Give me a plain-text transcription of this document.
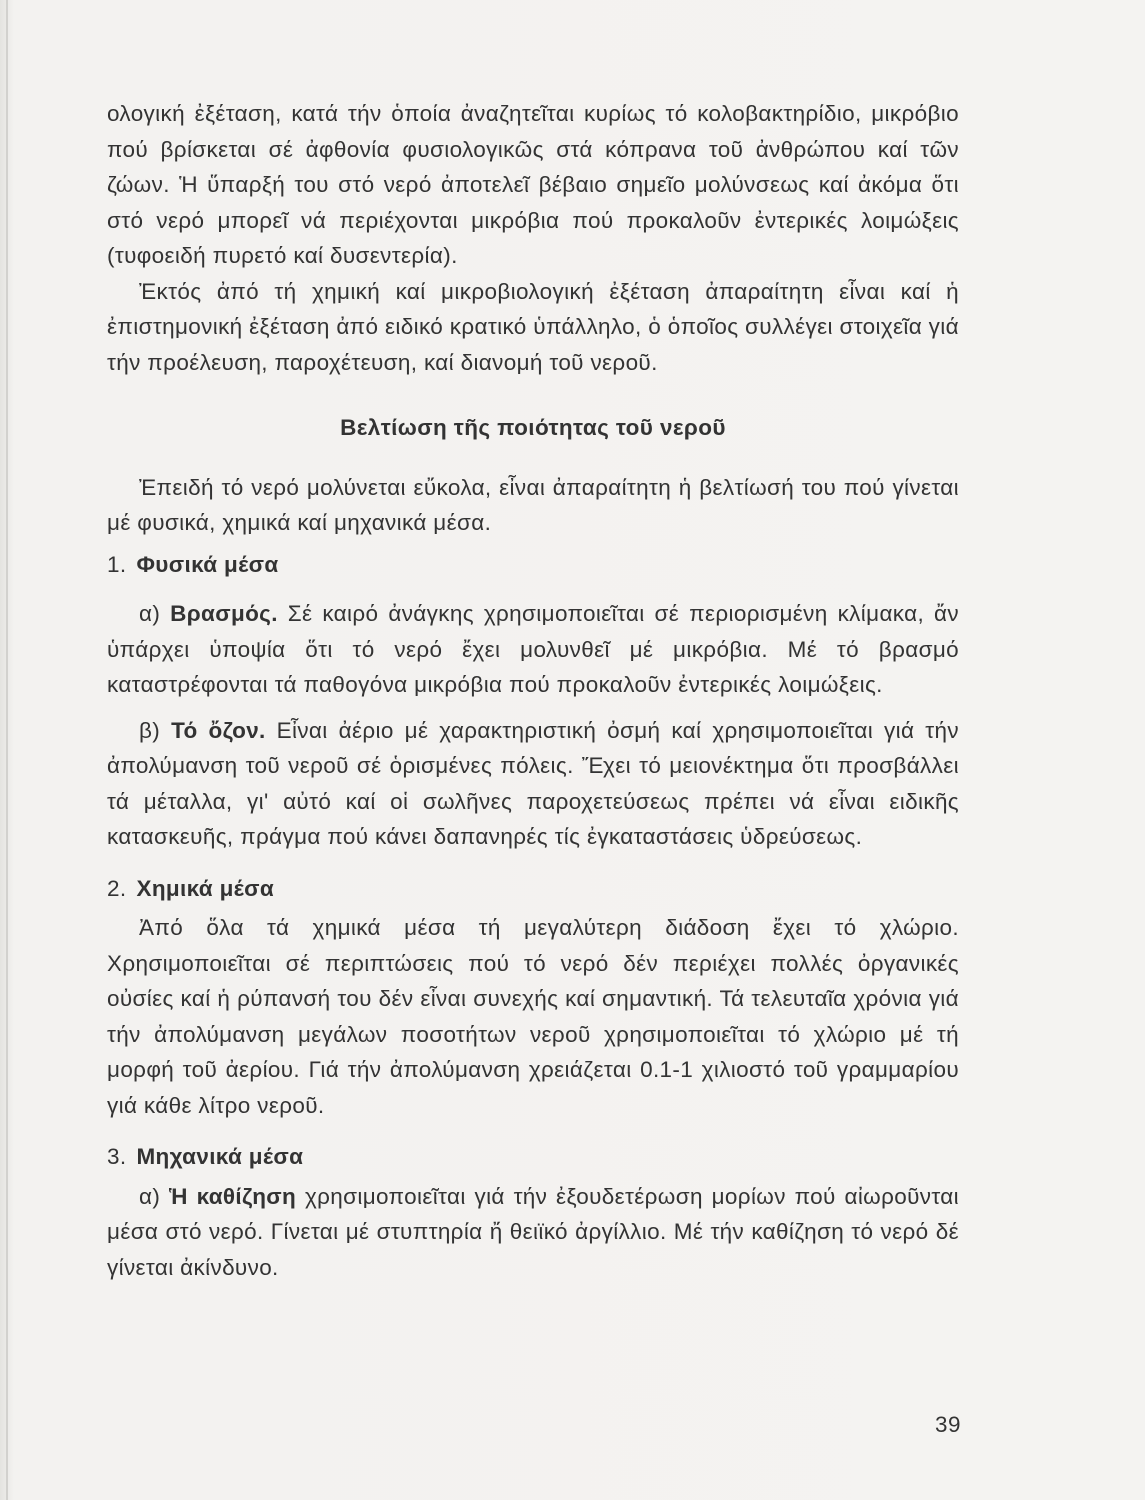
ολογική ἐξέταση, κατά τήν ὁποία ἀναζητεῖται κυρίως τό κολοβακτηρίδιο, μικρόβιο πού βρίσκεται σέ ἀφθονία φυσιολογικῶς στά κόπρανα τοῦ ἀνθρώπου καί τῶν ζώων. Ἡ ὕπαρξή του στό νερό ἀποτελεῖ βέβαιο σημεῖο μολύνσεως καί ἀκόμα ὅτι στό νερό μπορεῖ νά περιέχονται μικρόβια πού προκαλοῦν ἐντερικές λοιμώξεις (τυφοειδή πυρετό καί δυσεντερία).

Ἐκτός ἀπό τή χημική καί μικροβιολογική ἐξέταση ἀπαραίτητη εἶναι καί ἡ ἐπιστημονική ἐξέταση ἀπό ειδικό κρατικό ὑπάλληλο, ὁ ὁποῖος συλλέγει στοιχεῖα γιά τήν προέλευση, παροχέτευση, καί διανομή τοῦ νεροῦ.

Βελτίωση τῆς ποιότητας τοῦ νεροῦ

Ἐπειδή τό νερό μολύνεται εὔκολα, εἶναι ἀπαραίτητη ἡ βελτίωσή του πού γίνεται μέ φυσικά, χημικά καί μηχανικά μέσα.

1. Φυσικά μέσα

α) Βρασμός. Σέ καιρό ἀνάγκης χρησιμοποιεῖται σέ περιορισμένη κλίμακα, ἄν ὑπάρχει ὑποψία ὅτι τό νερό ἔχει μολυνθεῖ μέ μικρόβια. Μέ τό βρασμό καταστρέφονται τά παθογόνα μικρόβια πού προκαλοῦν ἐντερικές λοιμώξεις.

β) Τό ὄζον. Εἶναι ἀέριο μέ χαρακτηριστική ὀσμή καί χρησιμοποιεῖται γιά τήν ἀπολύμανση τοῦ νεροῦ σέ ὁρισμένες πόλεις. Ἔχει τό μειονέκτημα ὅτι προσβάλλει τά μέταλλα, γι' αὐτό καί οἱ σωλῆνες παροχετεύσεως πρέπει νά εἶναι ειδικῆς κατασκευῆς, πράγμα πού κάνει δαπανηρές τίς ἐγκαταστάσεις ὑδρεύσεως.

2. Χημικά μέσα

Ἀπό ὅλα τά χημικά μέσα τή μεγαλύτερη διάδοση ἔχει τό χλώριο. Χρησιμοποιεῖται σέ περιπτώσεις πού τό νερό δέν περιέχει πολλές ὀργανικές οὐσίες καί ἡ ρύπανσή του δέν εἶναι συνεχής καί σημαντική. Τά τελευταῖα χρόνια γιά τήν ἀπολύμανση μεγάλων ποσοτήτων νεροῦ χρησιμοποιεῖται τό χλώριο μέ τή μορφή τοῦ ἀερίου. Γιά τήν ἀπολύμανση χρειάζεται 0.1-1 χιλιοστό τοῦ γραμμαρίου γιά κάθε λίτρο νεροῦ.

3. Μηχανικά μέσα

α) Ἡ καθίζηση χρησιμοποιεῖται γιά τήν ἐξουδετέρωση μορίων πού αἰωροῦνται μέσα στό νερό. Γίνεται μέ στυπτηρία ἤ θειϊκό ἀργίλλιο. Μέ τήν καθίζηση τό νερό δέ γίνεται ἀκίνδυνο.

39
